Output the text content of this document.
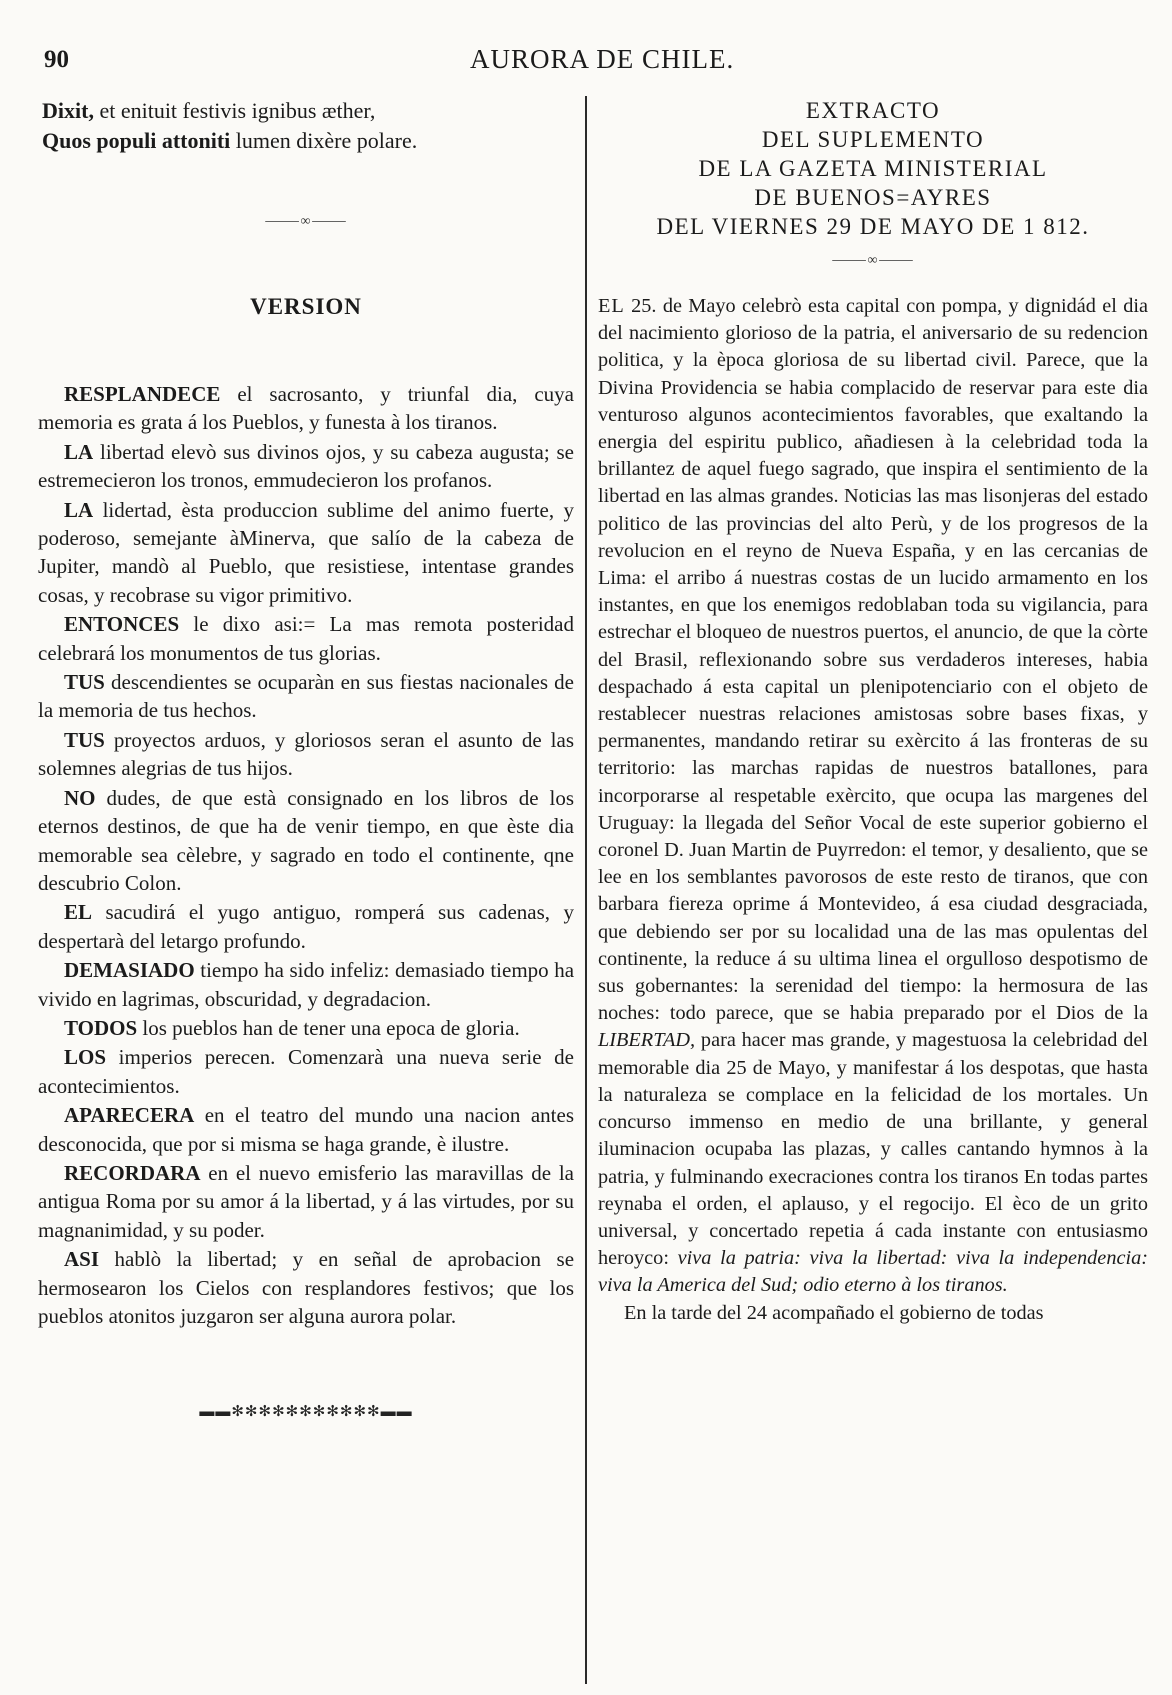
90	AURORA DE CHILE.

Dixit, et enituit festivis ignibus æther,

Quos populi attoniti lumen dixère polare.

⸻∞⸻
VERSION

RESPLANDECE el sacrosanto, y triunfal dia, cuya memoria es grata á los Pueblos, y funesta à los tiranos.

LA libertad elevò sus divinos ojos, y su cabeza augusta; se estremecieron los tronos, emmudecieron los profanos.

LA lidertad, èsta produccion sublime del animo fuerte, y poderoso, semejante àMinerva, que salío de la cabeza de Jupiter, mandò al Pueblo, que resistiese, intentase grandes cosas, y recobrase su vigor primitivo.

ENTONCES le dixo asi:= La mas remota posteridad celebrará los monumentos de tus glorias.

TUS descendientes se ocuparàn en sus fiestas nacionales de la memoria de tus hechos.

TUS proyectos arduos, y gloriosos seran el asunto de las solemnes alegrias de tus hijos.

NO dudes, de que està consignado en los libros de los eternos destinos, de que ha de venir tiempo, en que èste dia memorable sea cèlebre, y sagrado en todo el continente, qne descubrio Colon.

EL sacudirá el yugo antiguo, romperá sus cadenas, y despertarà del letargo profundo.

DEMASIADO tiempo ha sido infeliz: demasiado tiempo ha vivido en lagrimas, obscuridad, y degradacion.

TODOS los pueblos han de tener una epoca de gloria.

LOS imperios perecen. Comenzarà una nueva serie de acontecimientos.

APARECERA en el teatro del mundo una nacion antes desconocida, que por si misma se haga grande, è ilustre.

RECORDARA en el nuevo emisferio las maravillas de la antigua Roma por su amor á la libertad, y á las virtudes, por su magnanimidad, y su poder.

ASI hablò la libertad; y en señal de aprobacion se hermosearon los Cielos con resplandores festivos; que los pueblos atonitos juzgaron ser alguna aurora polar.

▬▬✻✻✻✻✻✻✻✻✻✻✻▬▬
EXTRACTO
DEL SUPLEMENTO
DE LA GAZETA MINISTERIAL
DE BUENOS=AYRES
DEL VIERNES 29 DE MAYO DE 1 812.
⸻∞⸻

EL 25. de Mayo celebrò esta capital con pompa, y dignidád el dia del nacimiento glorioso de la patria, el aniversario de su redencion politica, y la època gloriosa de su libertad civil. Parece, que la Divina Providencia se habia complacido de reservar para este dia venturoso algunos acontecimientos favorables, que exaltando la energia del espiritu publico, añadiesen à la celebridad toda la brillantez de aquel fuego sagrado, que inspira el sentimiento de la libertad en las almas grandes. Noticias las mas lisonjeras del estado politico de las provincias del alto Perù, y de los progresos de la revolucion en el reyno de Nueva España, y en las cercanias de Lima: el arribo á nuestras costas de un lucido armamento en los instantes, en que los enemigos redoblaban toda su vigilancia, para estrechar el bloqueo de nuestros puertos, el anuncio, de que la còrte del Brasil, reflexionando sobre sus verdaderos intereses, habia despachado á esta capital un plenipotenciario con el objeto de restablecer nuestras relaciones amistosas sobre bases fixas, y permanentes, mandando retirar su exèrcito á las fronteras de su territorio: las marchas rapidas de nuestros batallones, para incorporarse al respetable exèrcito, que ocupa las margenes del Uruguay: la llegada del Señor Vocal de este superior gobierno el coronel D. Juan Martin de Puyrredon: el temor, y desaliento, que se lee en los semblantes pavorosos de este resto de tiranos, que con barbara fiereza oprime á Montevideo, á esa ciudad desgraciada, que debiendo ser por su localidad una de las mas opulentas del continente, la reduce á su ultima linea el orgulloso despotismo de sus gobernantes: la serenidad del tiempo: la hermosura de las noches: todo parece, que se habia preparado por el Dios de la LIBERTAD, para hacer mas grande, y magestuosa la celebridad del memorable dia 25 de Mayo, y manifestar á los despotas, que hasta la naturaleza se complace en la felicidad de los mortales. Un concurso immenso en medio de una brillante, y general iluminacion ocupaba las plazas, y calles cantando hymnos à la patria, y fulminando execraciones contra los tiranos En todas partes reynaba el orden, el aplauso, y el regocijo. El èco de un grito universal, y concertado repetia á cada instante con entusiasmo heroyco: viva la patria: viva la libertad: viva la independencia: viva la America del Sud; odio eterno à los tiranos.

En la tarde del 24 acompañado el gobierno de todas
